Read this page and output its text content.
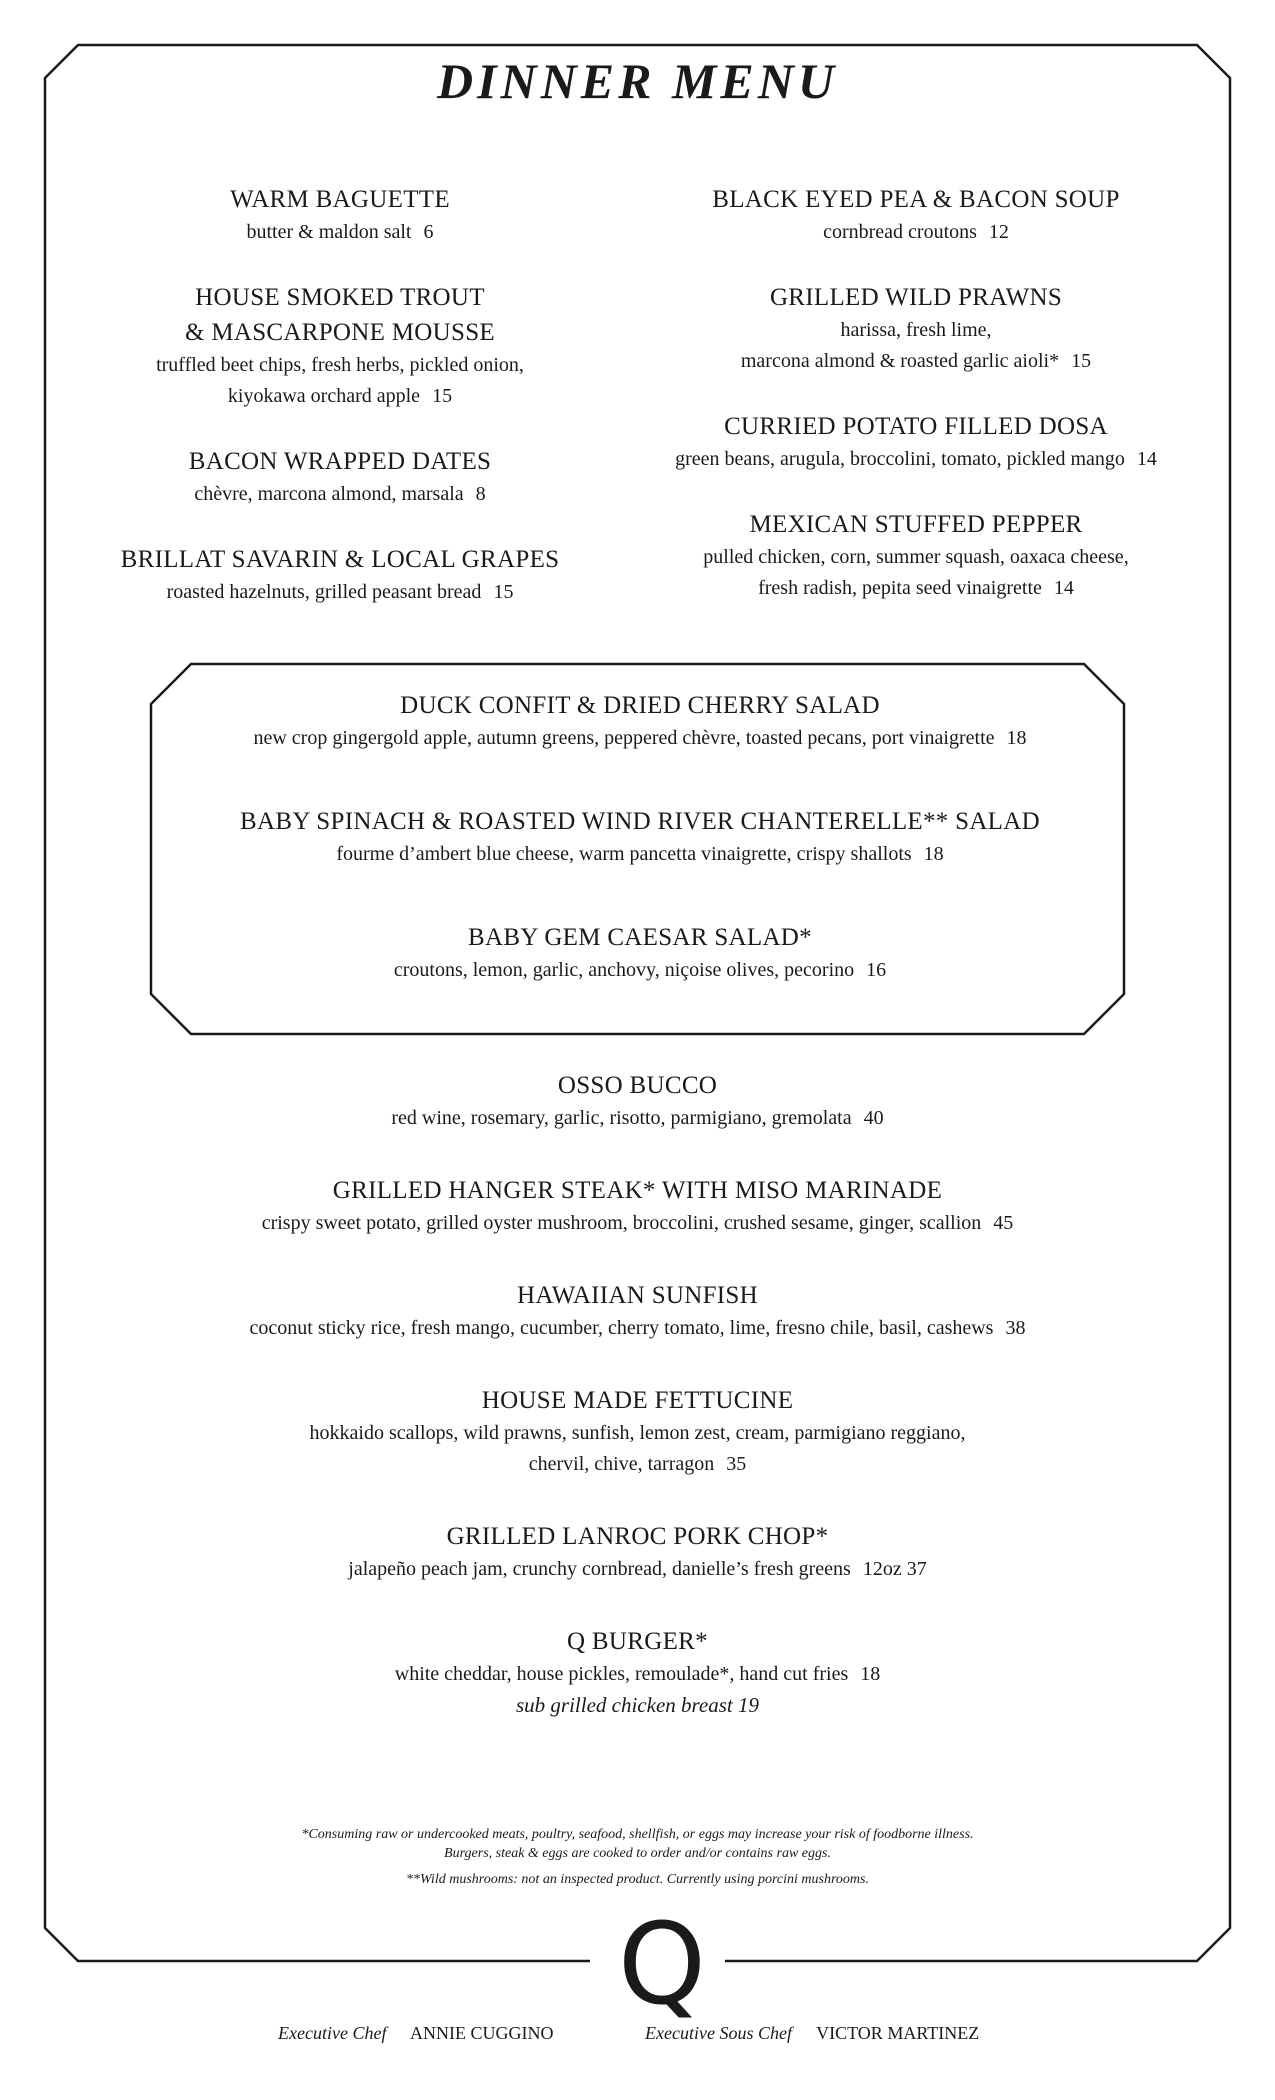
DINNER MENU
WARM BAGUETTE
butter & maldon salt 6
HOUSE SMOKED TROUT
& MASCARPONE MOUSSE
truffled beet chips, fresh herbs, pickled onion,
kiyokawa orchard apple 15
BACON WRAPPED DATES
chèvre, marcona almond, marsala 8
BRILLAT SAVARIN & LOCAL GRAPES
roasted hazelnuts, grilled peasant bread 15
BLACK EYED PEA & BACON SOUP
cornbread croutons 12
GRILLED WILD PRAWNS
harissa, fresh lime,
marcona almond & roasted garlic aioli* 15
CURRIED POTATO FILLED DOSA
green beans, arugula, broccolini, tomato, pickled mango 14
MEXICAN STUFFED PEPPER
pulled chicken, corn, summer squash, oaxaca cheese,
fresh radish, pepita seed vinaigrette 14
DUCK CONFIT & DRIED CHERRY SALAD
new crop gingergold apple, autumn greens, peppered chèvre, toasted pecans, port vinaigrette 18
BABY SPINACH & ROASTED WIND RIVER CHANTERELLE** SALAD
fourme d’ambert blue cheese, warm pancetta vinaigrette, crispy shallots 18
BABY GEM CAESAR SALAD*
croutons, lemon, garlic, anchovy, niçoise olives, pecorino 16
OSSO BUCCO
red wine, rosemary, garlic, risotto, parmigiano, gremolata 40
GRILLED HANGER STEAK* WITH MISO MARINADE
crispy sweet potato, grilled oyster mushroom, broccolini, crushed sesame, ginger, scallion 45
HAWAIIAN SUNFISH
coconut sticky rice, fresh mango, cucumber, cherry tomato, lime, fresno chile, basil, cashews 38
HOUSE MADE FETTUCINE
hokkaido scallops, wild prawns, sunfish, lemon zest, cream, parmigiano reggiano,
chervil, chive, tarragon 35
GRILLED LANROC PORK CHOP*
jalapeño peach jam, crunchy cornbread, danielle’s fresh greens 12oz 37
Q BURGER*
white cheddar, house pickles, remoulade*, hand cut fries 18
sub grilled chicken breast 19

*Consuming raw or undercooked meats, poultry, seafood, shellfish, or eggs may increase your risk of foodborne illness.
Burgers, steak & eggs are cooked to order and/or contains raw eggs.

**Wild mushrooms: not an inspected product. Currently using porcini mushrooms.

Q
Executive Chef ANNIE CUGGINO	Executive Sous Chef VICTOR MARTINEZ
